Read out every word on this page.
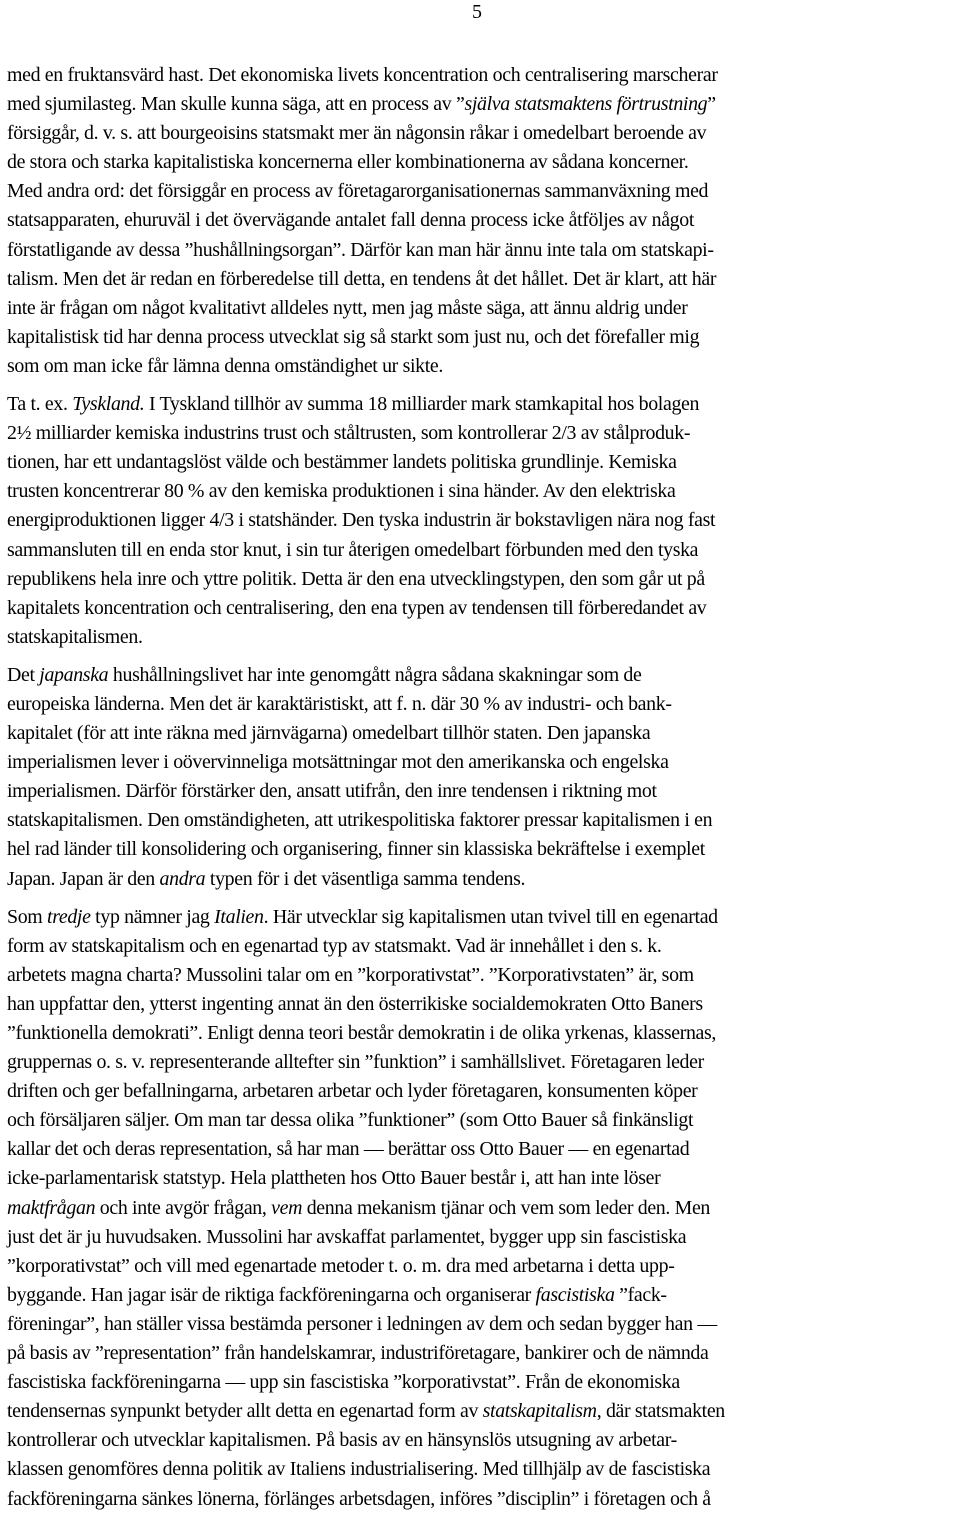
5
med en fruktansvärd hast. Det ekonomiska livets koncentration och centralisering marscherar
med sjumilasteg. Man skulle kunna säga, att en process av ”själva statsmaktens förtrustning”
försiggår, d. v. s. att bourgeoisins statsmakt mer än någonsin råkar i omedelbart beroende av
de stora och starka kapitalistiska koncernerna eller kombinationerna av sådana koncerner.
Med andra ord: det försiggår en process av företagarorganisationernas sammanväxning med
statsapparaten, ehuruväl i det övervägande antalet fall denna process icke åtföljes av något
förstatligande av dessa ”hushållningsorgan”. Därför kan man här ännu inte tala om statskapi-
talism. Men det är redan en förberedelse till detta, en tendens åt det hållet. Det är klart, att här
inte är frågan om något kvalitativt alldeles nytt, men jag måste säga, att ännu aldrig under
kapitalistisk tid har denna process utvecklat sig så starkt som just nu, och det förefaller mig
som om man icke får lämna denna omständighet ur sikte.
Ta t. ex. Tyskland. I Tyskland tillhör av summa 18 milliarder mark stamkapital hos bolagen
2½ milliarder kemiska industrins trust och ståltrusten, som kontrollerar 2/3 av stålproduk-
tionen, har ett undantagslöst välde och bestämmer landets politiska grundlinje. Kemiska
trusten koncentrerar 80 % av den kemiska produktionen i sina händer. Av den elektriska
energiproduktionen ligger 4/3 i statshänder. Den tyska industrin är bokstavligen nära nog fast
sammansluten till en enda stor knut, i sin tur återigen omedelbart förbunden med den tyska
republikens hela inre och yttre politik. Detta är den ena utvecklingstypen, den som går ut på
kapitalets koncentration och centralisering, den ena typen av tendensen till förberedandet av
statskapitalismen.
Det japanska hushållningslivet har inte genomgått några sådana skakningar som de
europeiska länderna. Men det är karaktäristiskt, att f. n. där 30 % av industri- och bank-
kapitalet (för att inte räkna med järnvägarna) omedelbart tillhör staten. Den japanska
imperialismen lever i oövervinneliga motsättningar mot den amerikanska och engelska
imperialismen. Därför förstärker den, ansatt utifrån, den inre tendensen i riktning mot
statskapitalismen. Den omständigheten, att utrikespolitiska faktorer pressar kapitalismen i en
hel rad länder till konsolidering och organisering, finner sin klassiska bekräftelse i exemplet
Japan. Japan är den andra typen för i det väsentliga samma tendens.
Som tredje typ nämner jag Italien. Här utvecklar sig kapitalismen utan tvivel till en egenartad
form av statskapitalism och en egenartad typ av statsmakt. Vad är innehållet i den s. k.
arbetets magna charta? Mussolini talar om en ”korporativstat”. ”Korporativstaten” är, som
han uppfattar den, ytterst ingenting annat än den österrikiske socialdemokraten Otto Baners
”funktionella demokrati”. Enligt denna teori består demokratin i de olika yrkenas, klassernas,
gruppernas o. s. v. representerande alltefter sin ”funktion” i samhällslivet. Företagaren leder
driften och ger befallningarna, arbetaren arbetar och lyder företagaren, konsumenten köper
och försäljaren säljer. Om man tar dessa olika ”funktioner” (som Otto Bauer så finkänsligt
kallar det och deras representation, så har man — berättar oss Otto Bauer — en egenartad
icke-parlamentarisk statstyp. Hela plattheten hos Otto Bauer består i, att han inte löser
maktfrågan och inte avgör frågan, vem denna mekanism tjänar och vem som leder den. Men
just det är ju huvudsaken. Mussolini har avskaffat parlamentet, bygger upp sin fascistiska
”korporativstat” och vill med egenartade metoder t. o. m. dra med arbetarna i detta upp-
byggande. Han jagar isär de riktiga fackföreningarna och organiserar fascistiska ”fack-
föreningar”, han ställer vissa bestämda personer i ledningen av dem och sedan bygger han —
på basis av ”representation” från handelskamrar, industriföretagare, bankirer och de nämnda
fascistiska fackföreningarna — upp sin fascistiska ”korporativstat”. Från de ekonomiska
tendensernas synpunkt betyder allt detta en egenartad form av statskapitalism, där statsmakten
kontrollerar och utvecklar kapitalismen. På basis av en hänsynslös utsugning av arbetar-
klassen genomföres denna politik av Italiens industrialisering. Med tillhjälp av de fascistiska
fackföreningarna sänkes lönerna, förlänges arbetsdagen, införes ”disciplin” i företagen och å
